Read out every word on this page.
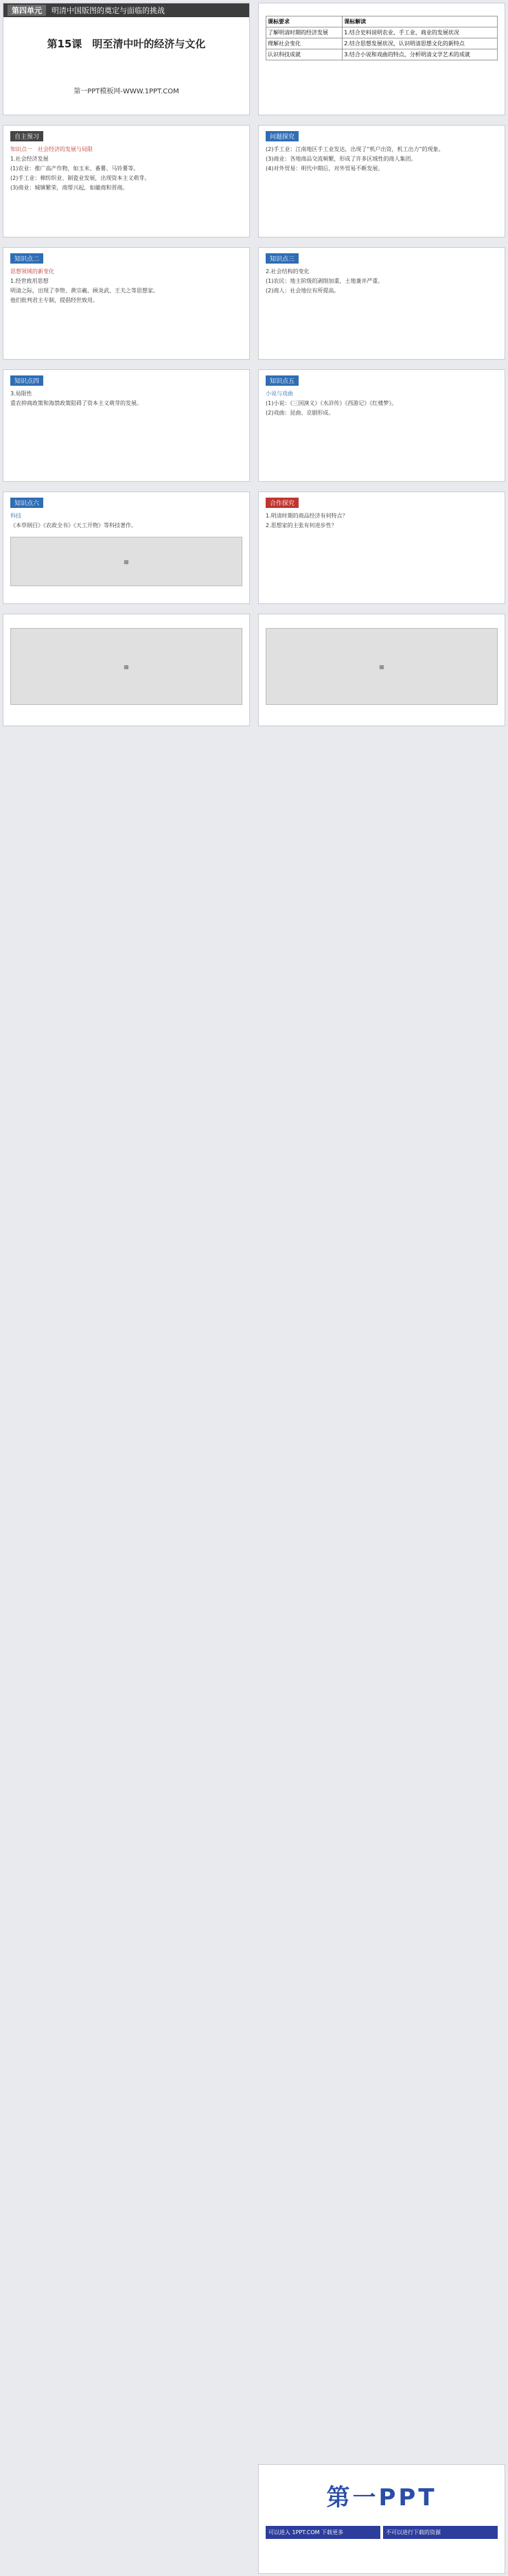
第四单元	明清中国版图的奠定与面临的挑战
第15课　明至清中叶的经济与文化
第一PPT模板网-WWW.1PPT.COM
课标要求	课标解读
了解明清时期的经济发展	1.结合史料说明农业、手工业、商业的发展状况
理解社会变化	2.结合思想发展状况，认识明清思想文化的新特点
认识科技成就	3.结合小说和戏曲的特点，分析明清文学艺术的成就
自主预习

知识点一　社会经济的发展与局限

1.社会经济发展

(1)农业：推广高产作物，如玉米、番薯、马铃薯等。

(2)手工业：棉纺织业、制瓷业发展，出现资本主义萌芽。

(3)商业：城镇繁荣，商帮兴起，如徽商和晋商。

问题探究

(2)手工业：江南地区手工业发达，出现了“机户出资，机工出力”的现象。

(3)商业：各地商品交流频繁，形成了许多区域性的商人集团。

(4)对外贸易：明代中期后，对外贸易不断发展。

知识点二

思想领域的新变化

1.经世致用思想

明清之际，出现了李贽、黄宗羲、顾炎武、王夫之等思想家。

他们批判君主专制，提倡经世致用。

知识点三

2.社会结构的变化

(1)农民：地主阶级的剥削加重，土地兼并严重。

(2)商人：社会地位有所提高。

知识点四

3.局限性

重农抑商政策和海禁政策阻碍了资本主义萌芽的发展。

知识点五

小说与戏曲

(1)小说：《三国演义》《水浒传》《西游记》《红楼梦》。

(2)戏曲：昆曲、京剧形成。

知识点六

科技

《本草纲目》《农政全书》《天工开物》等科技著作。

▦
合作探究

1.明清时期的商品经济有何特点？

2.思想家的主张有何进步性？

▦	▦
第一PPT
可以进入 1PPT.COM 下载更多	不可以进行下载的资源
